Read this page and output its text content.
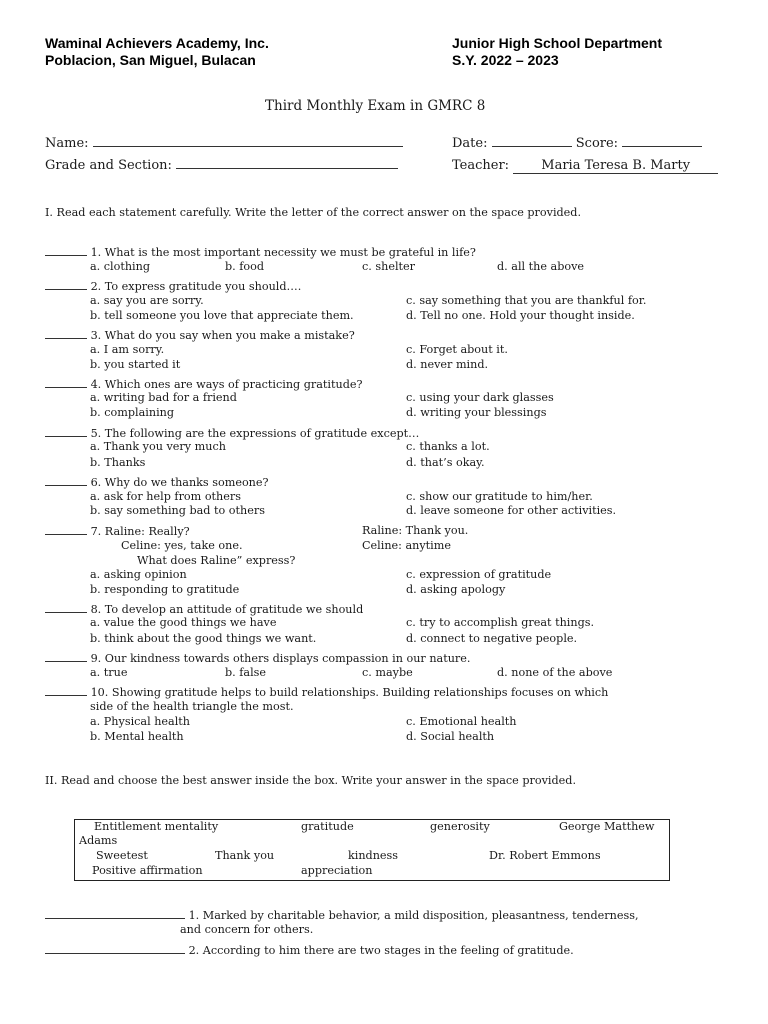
Waminal Achievers Academy, Inc.
Poblacion, San Miguel, Bulacan
Junior High School Department
S.Y. 2022 – 2023
Third Monthly Exam in GMRC 8
Name:	Date:	Score:
Grade and Section:	Teacher: Maria Teresa B. Marty
I. Read each statement carefully. Write the letter of the correct answer on the space provided.
1. What is the most important necessity we must be grateful in life?
a. clothing	b. food	c. shelter	d. all the above
2. To express gratitude you should….
a. say you are sorry.
b. tell someone you love that appreciate them.
c. say something that you are thankful for.
d. Tell no one. Hold your thought inside.
3. What do you say when you make a mistake?
a. I am sorry.
b. you started it
c. Forget about it.
d. never mind.
4. Which ones are ways of practicing gratitude?
a. writing bad for a friend
b. complaining
c. using your dark glasses
d. writing your blessings
5. The following are the expressions of gratitude except…
a. Thank you very much
b. Thanks
c. thanks a lot.
d. that’s okay.
6. Why do we thanks someone?
a. ask for help from others
b. say something bad to others
c. show our gratitude to him/her.
d. leave someone for other activities.
7. Raline: Really?	Raline: Thank you.
Celine: yes, take one.	Celine: anytime
What does Raline” express?
a. asking opinion
b. responding to gratitude
c. expression of gratitude
d. asking apology
8. To develop an attitude of gratitude we should
a. value the good things we have
b. think about the good things we want.
c. try to accomplish great things.
d. connect to negative people.
9. Our kindness towards others displays compassion in our nature.
a. true	b. false	c. maybe	d. none of the above
10. Showing gratitude helps to build relationships. Building relationships focuses on which
side of the health triangle the most.
a. Physical health
b. Mental health
c. Emotional health
d. Social health
II. Read and choose the best answer inside the box. Write your answer in the space provided.
Entitlement mentality	gratitude	generosity	George Matthew
Adams
Sweetest	Thank you	kindness	Dr. Robert Emmons
Positive affirmation	appreciation
1. Marked by charitable behavior, a mild disposition, pleasantness, tenderness,
and concern for others.
2. According to him there are two stages in the feeling of gratitude.
